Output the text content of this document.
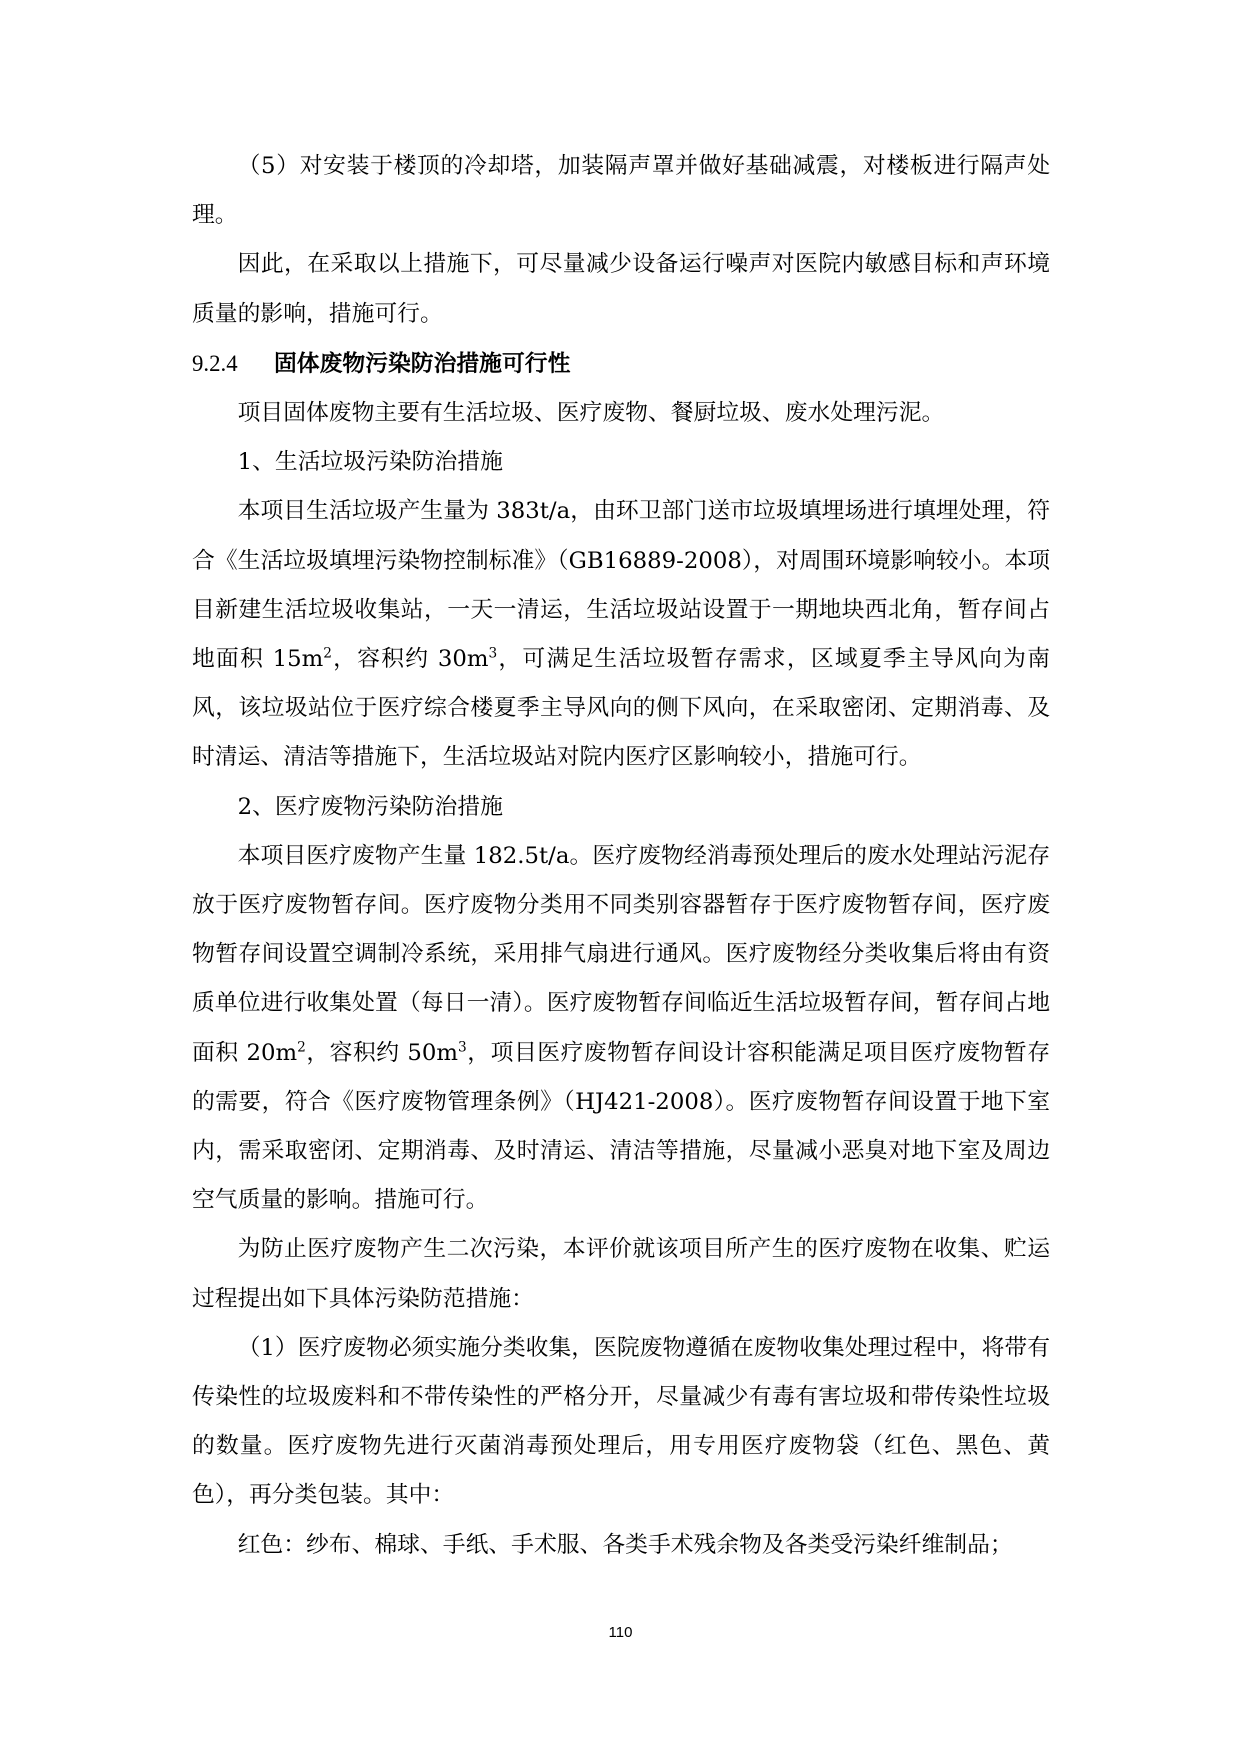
（5）对安装于楼顶的冷却塔，加装隔声罩并做好基础减震，对楼板进行隔声处理。

因此，在采取以上措施下，可尽量减少设备运行噪声对医院内敏感目标和声环境质量的影响，措施可行。

9.2.4	固体废物污染防治措施可行性

项目固体废物主要有生活垃圾、医疗废物、餐厨垃圾、废水处理污泥。

1、生活垃圾污染防治措施

本项目生活垃圾产生量为 383t/a，由环卫部门送市垃圾填埋场进行填埋处理，符合《生活垃圾填埋污染物控制标准》（GB16889-2008），对周围环境影响较小。本项目新建生活垃圾收集站，一天一清运，生活垃圾站设置于一期地块西北角，暂存间占地面积 $15m^2$，容积约 $30m^3$，可满足生活垃圾暂存需求，区域夏季主导风向为南风，该垃圾站位于医疗综合楼夏季主导风向的侧下风向，在采取密闭、定期消毒、及时清运、清洁等措施下，生活垃圾站对院内医疗区影响较小，措施可行。

2、医疗废物污染防治措施

本项目医疗废物产生量 182.5t/a。医疗废物经消毒预处理后的废水处理站污泥存放于医疗废物暂存间。医疗废物分类用不同类别容器暂存于医疗废物暂存间，医疗废物暂存间设置空调制冷系统，采用排气扇进行通风。医疗废物经分类收集后将由有资质单位进行收集处置（每日一清）。医疗废物暂存间临近生活垃圾暂存间，暂存间占地面积 $20m^2$，容积约 $50m^3$，项目医疗废物暂存间设计容积能满足项目医疗废物暂存的需要，符合《医疗废物管理条例》（HJ421-2008）。医疗废物暂存间设置于地下室内，需采取密闭、定期消毒、及时清运、清洁等措施，尽量减小恶臭对地下室及周边空气质量的影响。措施可行。

为防止医疗废物产生二次污染，本评价就该项目所产生的医疗废物在收集、贮运过程提出如下具体污染防范措施：

（1）医疗废物必须实施分类收集，医院废物遵循在废物收集处理过程中，将带有传染性的垃圾废料和不带传染性的严格分开，尽量减少有毒有害垃圾和带传染性垃圾的数量。医疗废物先进行灭菌消毒预处理后，用专用医疗废物袋（红色、黑色、黄色），再分类包装。其中：

红色：纱布、棉球、手纸、手术服、各类手术残余物及各类受污染纤维制品；

110
